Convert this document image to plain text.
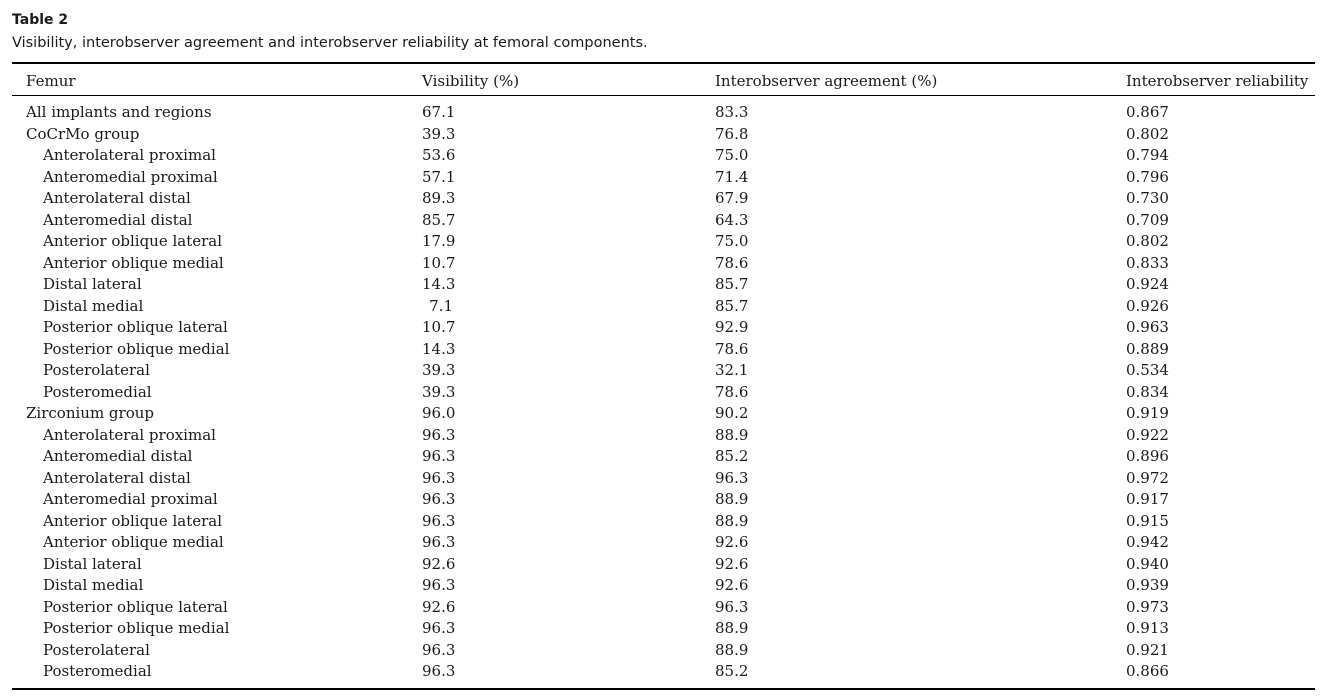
Table 2
Visibility, interobserver agreement and interobserver reliability at femoral components.
Femur	Visibility (%)	Interobserver agreement (%)	Interobserver reliability
All implants and regions	67.1	83.3	0.867
CoCrMo group	39.3	76.8	0.802
Anterolateral proximal	53.6	75.0	0.794
Anteromedial proximal	57.1	71.4	0.796
Anterolateral distal	89.3	67.9	0.730
Anteromedial distal	85.7	64.3	0.709
Anterior oblique lateral	17.9	75.0	0.802
Anterior oblique medial	10.7	78.6	0.833
Distal lateral	14.3	85.7	0.924
Distal medial	7.1	85.7	0.926
Posterior oblique lateral	10.7	92.9	0.963
Posterior oblique medial	14.3	78.6	0.889
Posterolateral	39.3	32.1	0.534
Posteromedial	39.3	78.6	0.834
Zirconium group	96.0	90.2	0.919
Anterolateral proximal	96.3	88.9	0.922
Anteromedial distal	96.3	85.2	0.896
Anterolateral distal	96.3	96.3	0.972
Anteromedial proximal	96.3	88.9	0.917
Anterior oblique lateral	96.3	88.9	0.915
Anterior oblique medial	96.3	92.6	0.942
Distal lateral	92.6	92.6	0.940
Distal medial	96.3	92.6	0.939
Posterior oblique lateral	92.6	96.3	0.973
Posterior oblique medial	96.3	88.9	0.913
Posterolateral	96.3	88.9	0.921
Posteromedial	96.3	85.2	0.866
